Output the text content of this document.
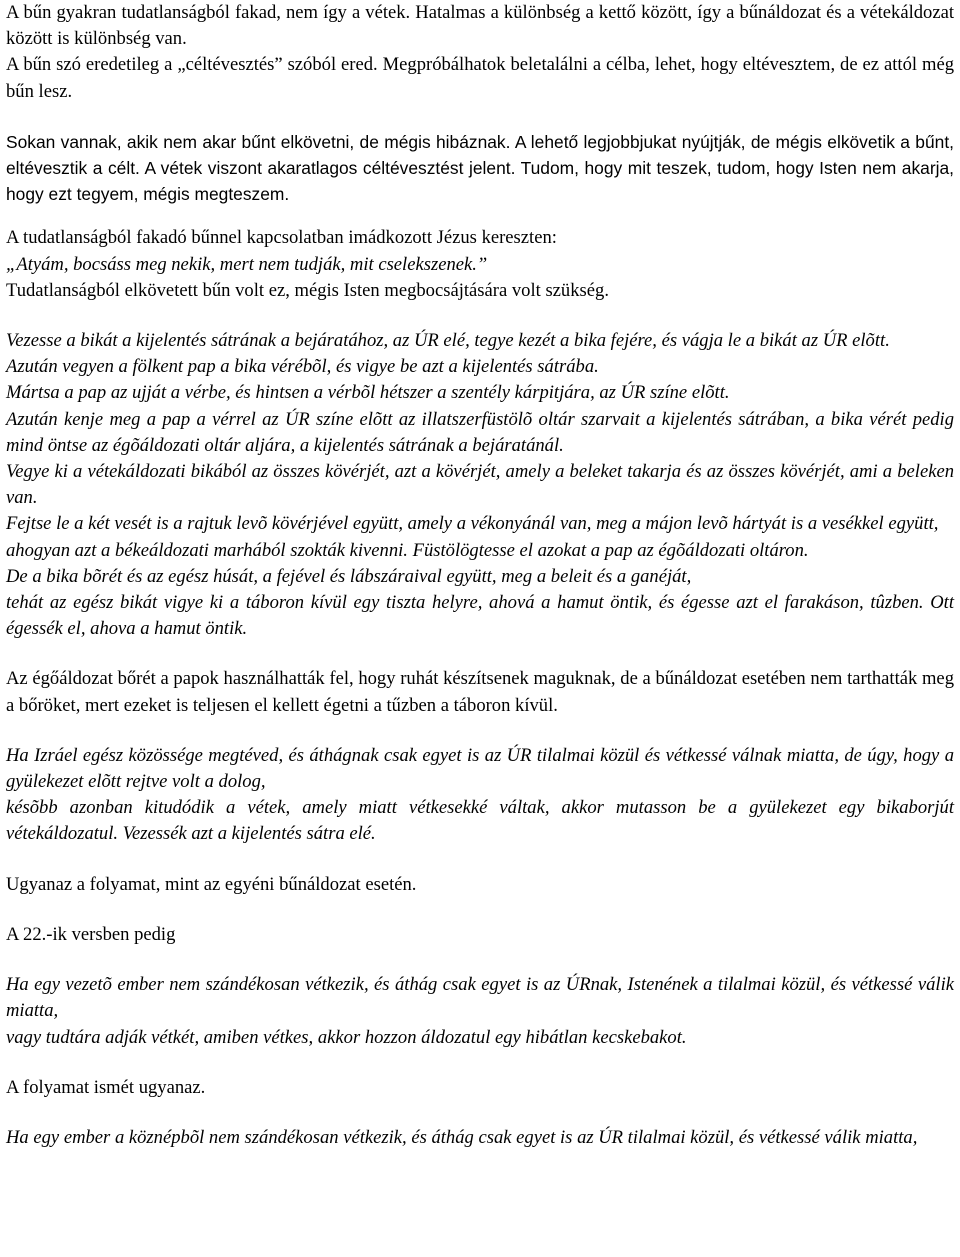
A bűn gyakran tudatlanságból fakad, nem így a vétek. Hatalmas a különbség a kettő között, így a bűnáldozat és a vétekáldozat között is különbség van.

A bűn szó eredetileg a „céltévesztés” szóból ered. Megpróbálhatok beletalálni a célba, lehet, hogy eltévesztem, de ez attól még bűn lesz.

Sokan vannak, akik nem akar bűnt elkövetni, de mégis hibáznak. A lehető legjobbjukat nyújtják, de mégis elkövetik a bűnt, eltévesztik a célt. A vétek viszont akaratlagos céltévesztést jelent. Tudom, hogy mit teszek, tudom, hogy Isten nem akarja, hogy ezt tegyem, mégis megteszem.

A tudatlanságból fakadó bűnnel kapcsolatban imádkozott Jézus kereszten:

„Atyám, bocsáss meg nekik, mert nem tudják, mit cselekszenek.”

Tudatlanságból elkövetett bűn volt ez, mégis Isten megbocsájtására volt szükség.

Vezesse a bikát a kijelentés sátrának a bejáratához, az ÚR elé, tegye kezét a bika fejére, és vágja le a bikát az ÚR elõtt.

Azután vegyen a fölkent pap a bika vérébõl, és vigye be azt a kijelentés sátrába.

Mártsa a pap az ujját a vérbe, és hintsen a vérbõl hétszer a szentély kárpitjára, az ÚR színe elõtt.

Azután kenje meg a pap a vérrel az ÚR színe elõtt az illatszerfüstölõ oltár szarvait a kijelentés sátrában, a bika vérét pedig mind öntse az égõáldozati oltár aljára, a kijelentés sátrának a bejáratánál.

Vegye ki a vétekáldozati bikából az összes kövérjét, azt a kövérjét, amely a beleket takarja és az összes kövérjét, ami a beleken van.

Fejtse le a két vesét is a rajtuk levõ kövérjével együtt, amely a vékonyánál van, meg a májon levõ hártyát is a vesékkel együtt,

ahogyan azt a békeáldozati marhából szokták kivenni. Füstölögtesse el azokat a pap az égõáldozati oltáron.

De a bika bõrét és az egész húsát, a fejével és lábszáraival együtt, meg a beleit és a ganéját,

tehát az egész bikát vigye ki a táboron kívül egy tiszta helyre, ahová a hamut öntik, és égesse azt el farakáson, tûzben. Ott égessék el, ahova a hamut öntik.

Az égőáldozat bőrét a papok használhatták fel, hogy ruhát készítsenek maguknak, de a bűnáldozat esetében nem tarthatták meg a bőröket, mert ezeket is teljesen el kellett égetni a tűzben a táboron kívül.

Ha Izráel egész közössége megtéved, és áthágnak csak egyet is az ÚR tilalmai közül és vétkessé válnak miatta, de úgy, hogy a gyülekezet elõtt rejtve volt a dolog,

késõbb azonban kitudódik a vétek, amely miatt vétkesekké váltak, akkor mutasson be a gyülekezet egy bikaborjút vétekáldozatul. Vezessék azt a kijelentés sátra elé.

Ugyanaz a folyamat, mint az egyéni bűnáldozat esetén.

A 22.-ik versben pedig

Ha egy vezetõ ember nem szándékosan vétkezik, és áthág csak egyet is az ÚRnak, Istenének a tilalmai közül, és vétkessé válik miatta,

vagy tudtára adják vétkét, amiben vétkes, akkor hozzon áldozatul egy hibátlan kecskebakot.

A folyamat ismét ugyanaz.

Ha egy ember a köznépbõl nem szándékosan vétkezik, és áthág csak egyet is az ÚR tilalmai közül, és vétkessé válik miatta,
